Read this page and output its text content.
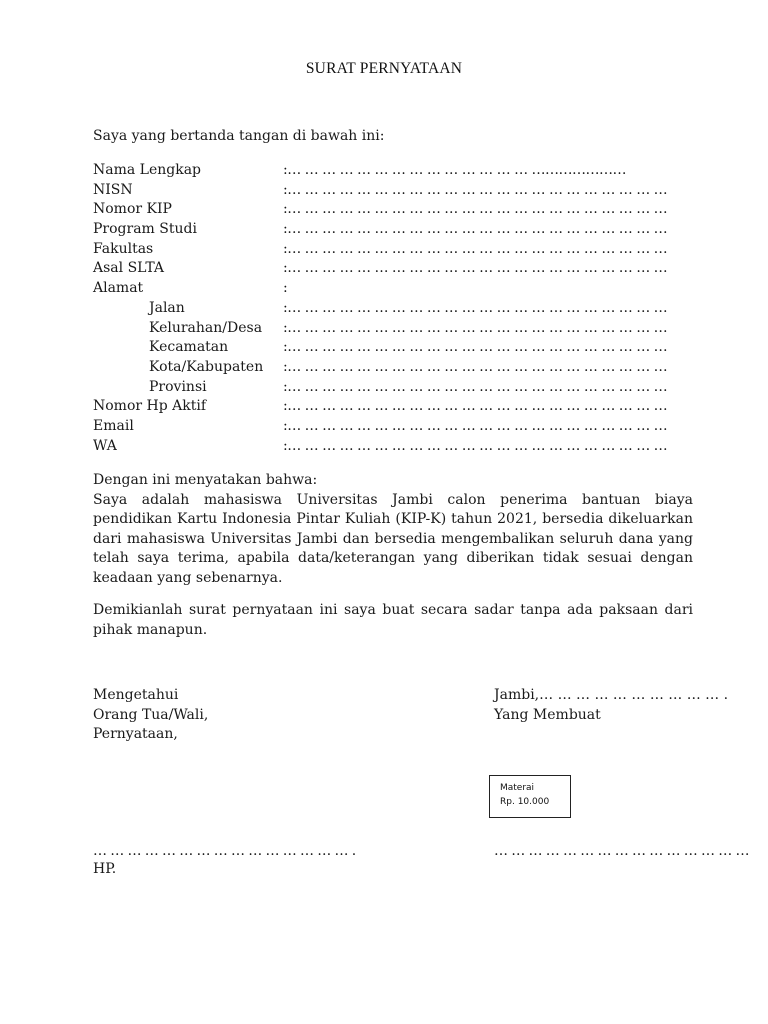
SURAT PERNYATAAN
Saya yang bertanda tangan di bawah ini:
Nama Lengkap	:… … … … … … … … … … … … … … …………………
NISN	:… … … … … … … … … … … … … … … … … … … … … …
Nomor KIP	:… … … … … … … … … … … … … … … … … … … … … …
Program Studi	:… … … … … … … … … … … … … … … … … … … … … …
Fakultas	:… … … … … … … … … … … … … … … … … … … … … …
Asal SLTA	:… … … … … … … … … … … … … … … … … … … … … …
Alamat	:
Jalan	:… … … … … … … … … … … … … … … … … … … … … …
Kelurahan/Desa :… … … … … … … … … … … … … … … … … … … … … …
Kecamatan	:… … … … … … … … … … … … … … … … … … … … … …
Kota/Kabupaten :… … … … … … … … … … … … … … … … … … … … … …
Provinsi	:… … … … … … … … … … … … … … … … … … … … … …
Nomor Hp Aktif	:… … … … … … … … … … … … … … … … … … … … … …
Email	:… … … … … … … … … … … … … … … … … … … … … …
WA	:… … … … … … … … … … … … … … … … … … … … … …

Dengan ini menyatakan bahwa:

Saya adalah mahasiswa Universitas Jambi calon penerima bantuan biaya pendidikan Kartu Indonesia Pintar Kuliah (KIP-K) tahun 2021, bersedia dikeluarkan dari mahasiswa Universitas Jambi dan bersedia mengembalikan seluruh dana yang telah saya terima, apabila data/keterangan yang diberikan tidak sesuai dengan keadaan yang sebenarnya.

Demikianlah surat pernyataan ini saya buat secara sadar tanpa ada paksaan dari pihak manapun.
Mengetahui
Orang Tua/Wali,
Pernyataan,
Jambi,… … … … … … … … … … .
Yang Membuat
Materai
Rp. 10.000
… … … … … … … … … … … … … … … .	… … … … … … … … … … … … … … …
HP.
